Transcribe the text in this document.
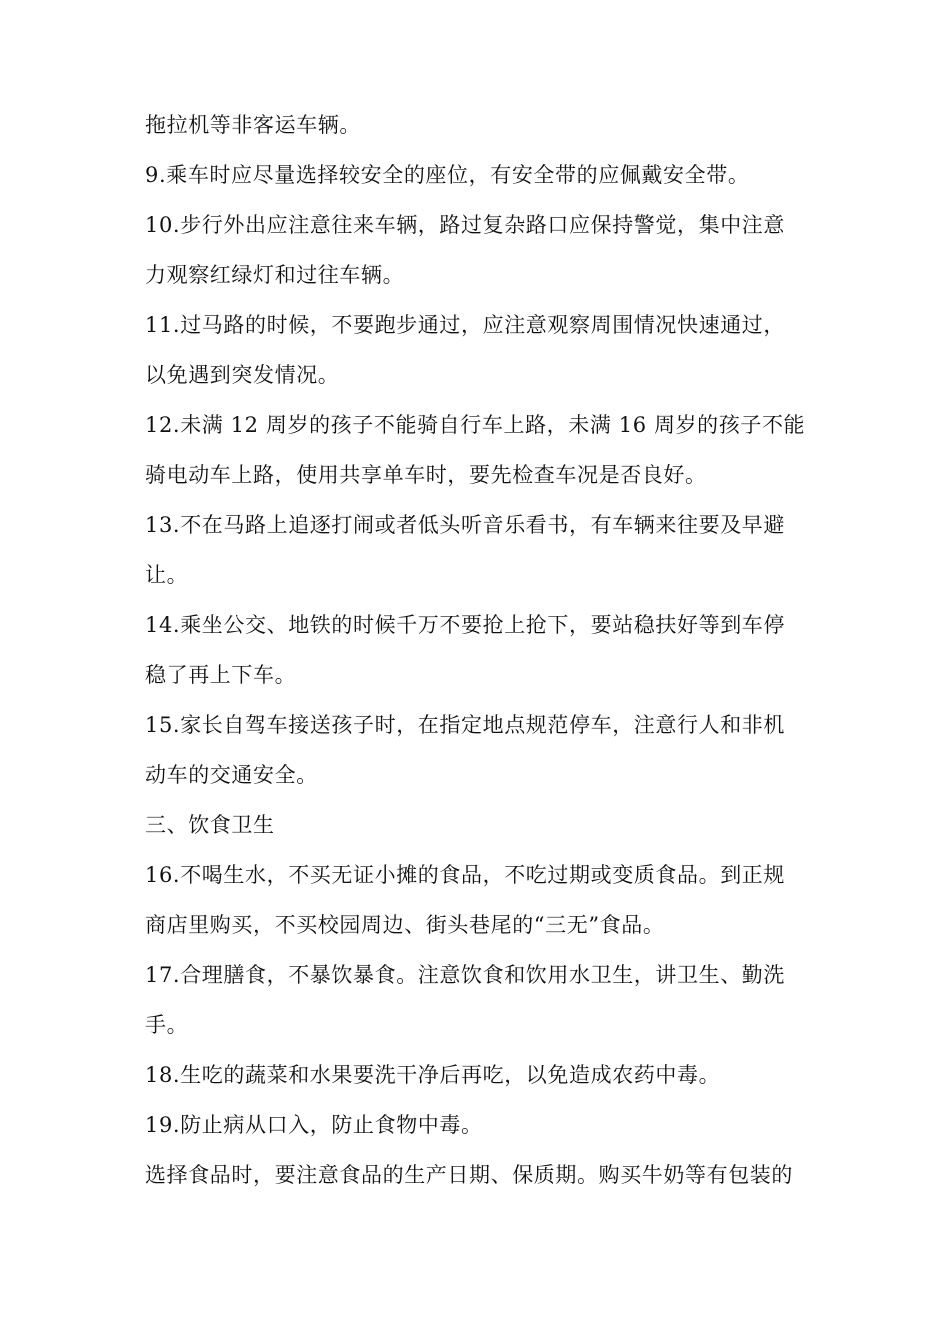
拖拉机等非客运车辆。
9.乘车时应尽量选择较安全的座位，有安全带的应佩戴安全带。
10.步行外出应注意往来车辆，路过复杂路口应保持警觉，集中注意
力观察红绿灯和过往车辆。
11.过马路的时候，不要跑步通过，应注意观察周围情况快速通过，
以免遇到突发情况。
12.未满 12 周岁的孩子不能骑自行车上路，未满 16 周岁的孩子不能
骑电动车上路，使用共享单车时，要先检查车况是否良好。
13.不在马路上追逐打闹或者低头听音乐看书，有车辆来往要及早避
让。
14.乘坐公交、地铁的时候千万不要抢上抢下，要站稳扶好等到车停
稳了再上下车。
15.家长自驾车接送孩子时，在指定地点规范停车，注意行人和非机
动车的交通安全。
三、饮食卫生
16.不喝生水，不买无证小摊的食品，不吃过期或变质食品。到正规
商店里购买，不买校园周边、街头巷尾的“三无”食品。
17.合理膳食，不暴饮暴食。注意饮食和饮用水卫生，讲卫生、勤洗
手。
18.生吃的蔬菜和水果要洗干净后再吃，以免造成农药中毒。
19.防止病从口入，防止食物中毒。
选择食品时，要注意食品的生产日期、保质期。购买牛奶等有包装的
